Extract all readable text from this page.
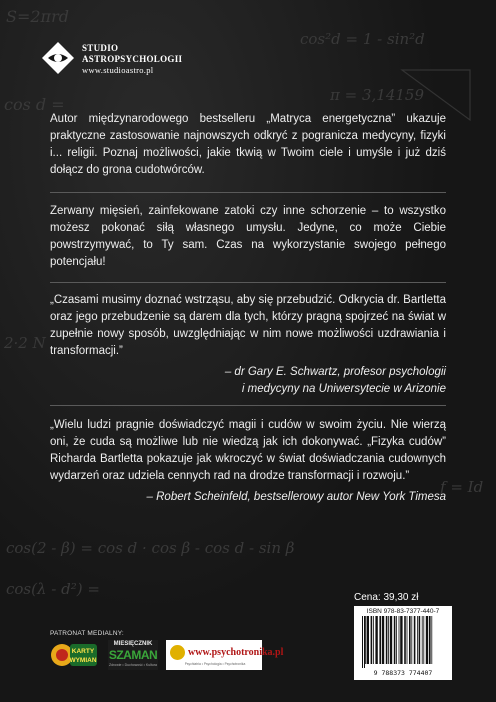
S=2πrd
cos²d = 1 - sin²d
π = 3,14159
cos d =
2·2 N
f = Id
cos(2 - β) = cos d · cos β - cos d - sin β
cos(λ - d²) =
STUDIO
ASTROPSYCHOLOGII
www.studioastro.pl

Autor międzynarodowego bestselleru „Matryca energetyczna” ukazuje praktyczne zastosowanie najnowszych odkryć z pogranicza medycyny, fizyki i... religii. Poznaj możliwości, jakie tkwią w Twoim ciele i umyśle i już dziś dołącz do grona cudotwórców.

Zerwany mięsień, zainfekowane zatoki czy inne schorzenie – to wszystko możesz pokonać siłą własnego umysłu. Jedyne, co może Ciebie powstrzymywać, to Ty sam. Czas na wykorzystanie swojego pełnego potencjału!

„Czasami musimy doznać wstrząsu, aby się przebudzić. Odkrycia dr. Bartletta oraz jego przebudzenie są darem dla tych, którzy pragną spojrzeć na świat w zupełnie nowy sposób, uwzględniając w nim nowe możliwości uzdrawiania i transformacji.”

– dr Gary E. Schwartz, profesor psychologii

i medycyny na Uniwersytecie w Arizonie

„Wielu ludzi pragnie doświadczyć magii i cudów w swoim życiu. Nie wierzą oni, że cuda są możliwe lub nie wiedzą jak ich dokonywać. „Fizyka cudów” Richarda Bartletta pokazuje jak wkroczyć w świat doświadczania cudownych wydarzeń oraz udziela cennych rad na drodze transformacji i rozwoju.”

– Robert Scheinfeld, bestsellerowy autor New York Timesa

Cena: 39,30 zł
ISBN 978-83-7377-440-7
9 788373 774407
PATRONAT MEDIALNY:
KARTY
WYMIAN
MIESIĘCZNIK
SZAMAN
Zdrowie • Duchowość • Kultura
www.psychotronika.pl
Psychiatria • Psychologia • Psychotronika
